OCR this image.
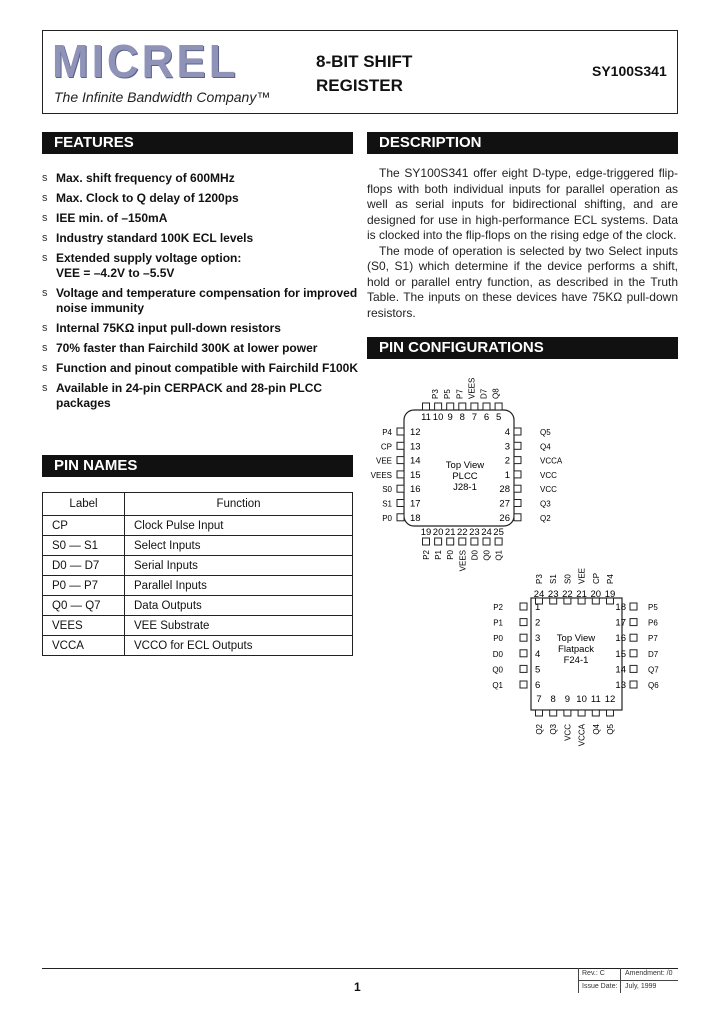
MICREL
The Infinite Bandwidth Company™
8-BIT SHIFT
REGISTER
SY100S341
FEATURES
s Max. shift frequency of 600MHz
s Max. Clock to Q delay of 1200ps
s IEE min. of –150mA
s Industry standard 100K ECL levels
s Extended supply voltage option:
VEE = –4.2V to –5.5V
s Voltage and temperature compensation for improved noise immunity
s Internal 75KΩ input pull-down resistors
s 70% faster than Fairchild 300K at lower power
s Function and pinout compatible with Fairchild F100K
s Available in 24-pin CERPACK and 28-pin PLCC packages
DESCRIPTION

The SY100S341 offer eight D-type, edge-triggered flip-flops with both individual inputs for parallel operation as well as serial inputs for bidirectional shifting, and are designed for use in high-performance ECL systems. Data is clocked into the flip-flops on the rising edge of the clock.

The mode of operation is selected by two Select inputs (S0, S1) which determine if the device performs a shift, hold or parallel entry function, as described in the Truth Table. The inputs on these devices have 75KΩ pull-down resistors.

PIN NAMES
Label	Function
CP	Clock Pulse Input
S0 — S1	Select Inputs
D0 — D7	Serial Inputs
P0 — P7	Parallel Inputs
Q0 — Q7	Data Outputs
VEES	VEE Substrate
VCCA	VCCO for ECL Outputs
PIN CONFIGURATIONS
Top View
PLCC
J28-1
11 10 9 8 7 6 5
P3 P5 P7 VEES D7 Q8
12
P4
13
CP
14
VEE
15
VEES
16
S0
17
S1
18
P0
4	Q5
3	Q4
2	VCCA
1	VCC
28	VCC
27	Q3
26	Q2
19
P2
20
P1
21
P0
22
VEES
23
D0
24
Q0
25
Q1
Top View
Flatpack
F24-1
24
P3
23
S1
22
S0
21
VEE
20
CP
19
P4
1
P2
2
P1
3
P0
4
D0
5
Q0
6
Q1
18	P5
17	P6
16	P7
15	D7
14	Q7
13	Q6
7
Q2
8
Q3
9
VCC
10
VCCA
11
Q4
12
Q5
1
Rev.: C	Amendment: /0
Issue Date:	July, 1999
